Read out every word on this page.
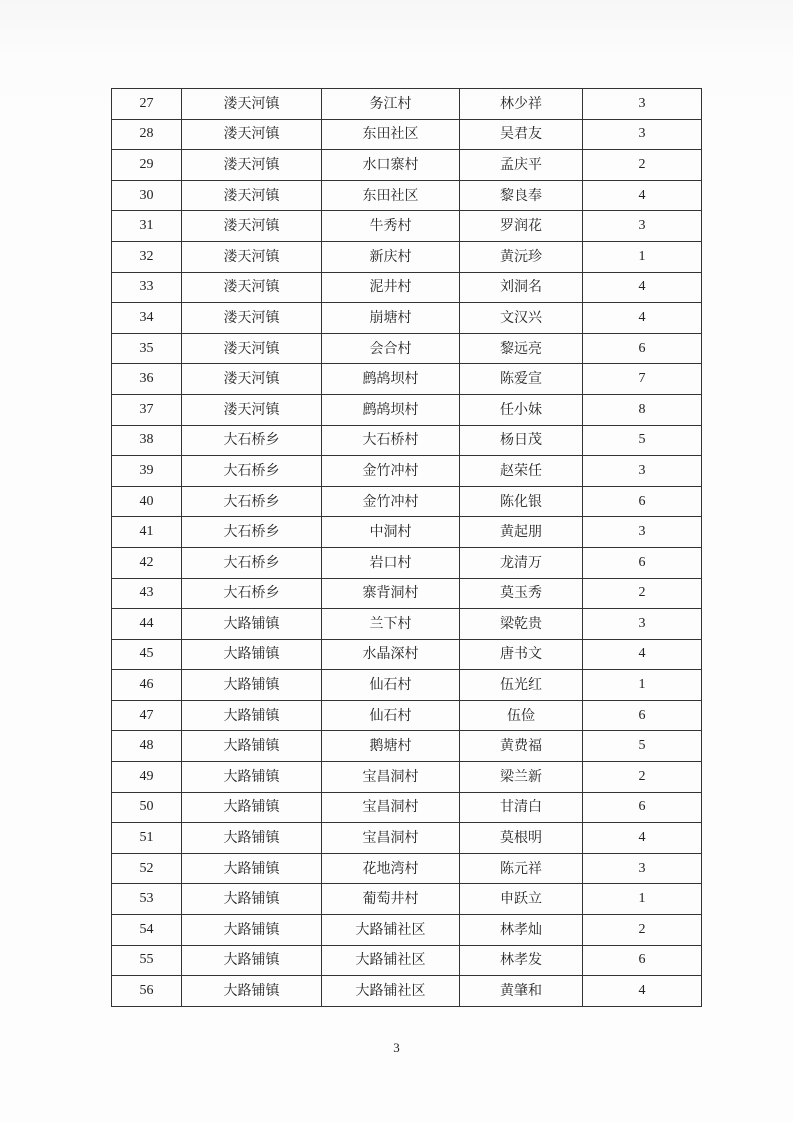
27	溇天河镇	务江村	林少祥	3
28	溇天河镇	东田社区	吴君友	3
29	溇天河镇	水口寨村	孟庆平	2
30	溇天河镇	东田社区	黎良奉	4
31	溇天河镇	牛秀村	罗润花	3
32	溇天河镇	新庆村	黄沅珍	1
33	溇天河镇	泥井村	刘洞名	4
34	溇天河镇	崩塘村	文汉兴	4
35	溇天河镇	会合村	黎远亮	6
36	溇天河镇	鹧鸪坝村	陈爱宣	7
37	溇天河镇	鹧鸪坝村	任小妹	8
38	大石桥乡	大石桥村	杨日茂	5
39	大石桥乡	金竹冲村	赵荣任	3
40	大石桥乡	金竹冲村	陈化银	6
41	大石桥乡	中洞村	黄起朋	3
42	大石桥乡	岩口村	龙清万	6
43	大石桥乡	寨背洞村	莫玉秀	2
44	大路铺镇	兰下村	梁乾贵	3
45	大路铺镇	水晶深村	唐书文	4
46	大路铺镇	仙石村	伍光红	1
47	大路铺镇	仙石村	伍俭	6
48	大路铺镇	鹅塘村	黄费福	5
49	大路铺镇	宝昌洞村	梁兰新	2
50	大路铺镇	宝昌洞村	甘清白	6
51	大路铺镇	宝昌洞村	莫根明	4
52	大路铺镇	花地湾村	陈元祥	3
53	大路铺镇	葡萄井村	申跃立	1
54	大路铺镇	大路铺社区	林孝灿	2
55	大路铺镇	大路铺社区	林孝发	6
56	大路铺镇	大路铺社区	黄肇和	4
3
